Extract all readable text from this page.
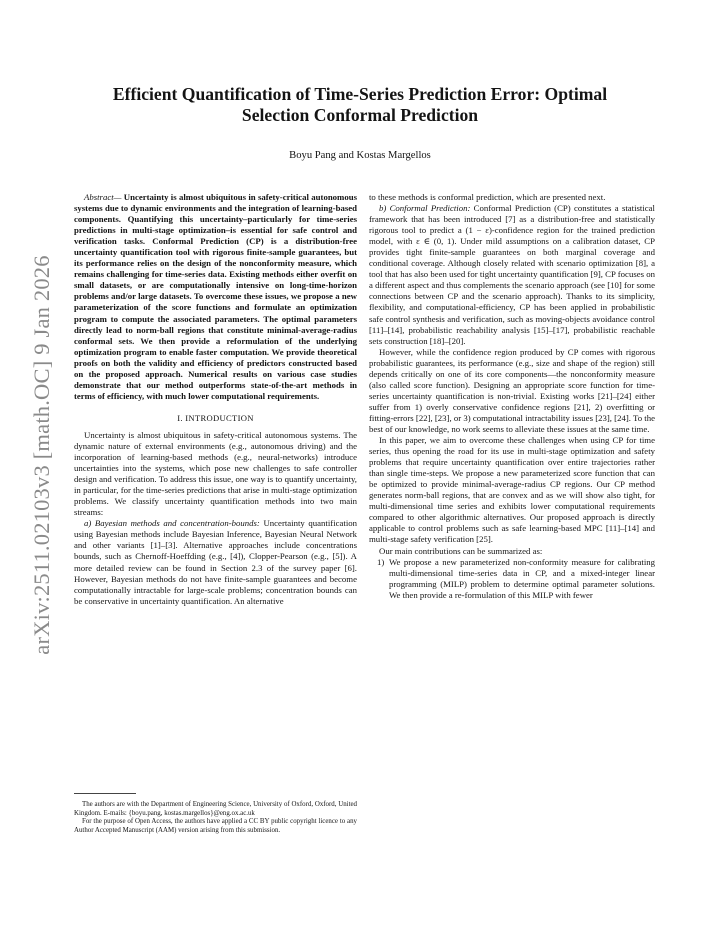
arXiv:2511.02103v3 [math.OC] 9 Jan 2026
Efficient Quantification of Time-Series Prediction Error: Optimal Selection Conformal Prediction
Boyu Pang and Kostas Margellos

Abstract— Uncertainty is almost ubiquitous in safety-critical autonomous systems due to dynamic environments and the integration of learning-based components. Quantifying this uncertainty–particularly for time-series predictions in multi-stage optimization–is essential for safe control and verification tasks. Conformal Prediction (CP) is a distribution-free uncertainty quantification tool with rigorous finite-sample guarantees, but its performance relies on the design of the nonconformity measure, which remains challenging for time-series data. Existing methods either overfit on small datasets, or are computationally intensive on long-time-horizon problems and/or large datasets. To overcome these issues, we propose a new parameterization of the score functions and formulate an optimization program to compute the associated parameters. The optimal parameters directly lead to norm-ball regions that constitute minimal-average-radius conformal sets. We then provide a reformulation of the underlying optimization program to enable faster computation. We provide theoretical proofs on both the validity and efficiency of predictors constructed based on the proposed approach. Numerical results on various case studies demonstrate that our method outperforms state-of-the-art methods in terms of efficiency, with much lower computational requirements.

I. INTRODUCTION

Uncertainty is almost ubiquitous in safety-critical autonomous systems. The dynamic nature of external environments (e.g., autonomous driving) and the incorporation of learning-based methods (e.g., neural-networks) introduce uncertainties into the systems, which pose new challenges to safe controller design and verification. To address this issue, one way is to quantify uncertainty, in particular, for the time-series predictions that arise in multi-stage optimization problems. We classify uncertainty quantification methods into two main streams:

a) Bayesian methods and concentration-bounds: Uncertainty quantification using Bayesian methods include Bayesian Inference, Bayesian Neural Network and other variants [1]–[3]. Alternative approaches include concentrations bounds, such as Chernoff-Hoeffding (e.g., [4]), Clopper-Pearson (e.g., [5]). A more detailed review can be found in Section 2.3 of the survey paper [6]. However, Bayesian methods do not have finite-sample guarantees and become computationally intractable for large-scale problems; concentration bounds can be conservative in uncertainty quantification. An alternative

The authors are with the Department of Engineering Science, University of Oxford, Oxford, United Kingdom. E-mails: {boyu.pang, kostas.margellos}@eng.ox.ac.uk

For the purpose of Open Access, the authors have applied a CC BY public copyright licence to any Author Accepted Manuscript (AAM) version arising from this submission.

to these methods is conformal prediction, which are presented next.

b) Conformal Prediction: Conformal Prediction (CP) constitutes a statistical framework that has been introduced [7] as a distribution-free and statistically rigorous tool to predict a (1 − ε)-confidence region for the trained prediction model, with ε ∈ (0, 1). Under mild assumptions on a calibration dataset, CP provides tight finite-sample guarantees on both marginal coverage and conditional coverage. Although closely related with scenario optimization [8], a tool that has also been used for tight uncertainty quantification [9], CP focuses on a different aspect and thus complements the scenario approach (see [10] for some connections between CP and the scenario approach). Thanks to its simplicity, flexibility, and computational-efficiency, CP has been applied in probabilistic safe control synthesis and verification, such as moving-objects avoidance control [11]–[14], probabilistic reachability analysis [15]–[17], probabilistic reachable sets construction [18]–[20].

However, while the confidence region produced by CP comes with rigorous probabilistic guarantees, its performance (e.g., size and shape of the region) still depends critically on one of its core components—the nonconformity measure (also called score function). Designing an appropriate score function for time-series uncertainty quantification is non-trivial. Existing works [21]–[24] either suffer from 1) overly conservative confidence regions [21], 2) overfitting or fitting-errors [22], [23], or 3) computational intractability issues [23], [24]. To the best of our knowledge, no work seems to alleviate these issues at the same time.

In this paper, we aim to overcome these challenges when using CP for time series, thus opening the road for its use in multi-stage optimization and safety problems that require uncertainty quantification over entire trajectories rather than single time-steps. We propose a new parameterized score function that can be optimized to provide minimal-average-radius CP regions. Our CP method generates norm-ball regions, that are convex and as we will show also tight, for multi-dimensional time series and exhibits lower computational requirements compared to other algorithmic alternatives. Our proposed approach is directly applicable to control problems such as safe learning-based MPC [11]–[14] and multi-stage safety verification [25].

Our main contributions can be summarized as:

1) We propose a new parameterized non-conformity measure for calibrating multi-dimensional time-series data in CP, and a mixed-integer linear programming (MILP) problem to determine optimal parameter solutions. We then provide a re-formulation of this MILP with fewer
